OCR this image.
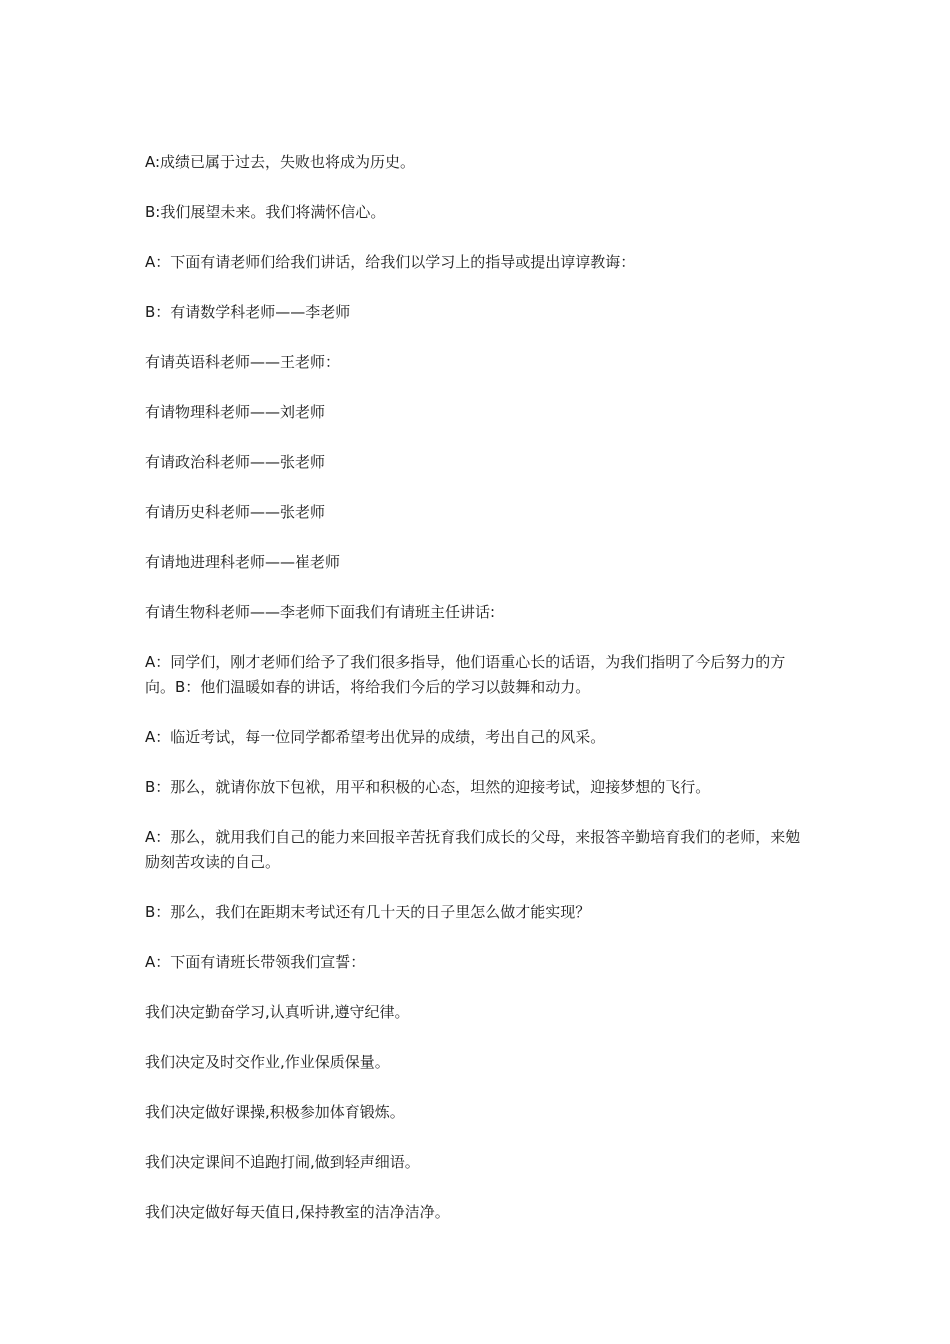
A:成绩已属于过去，失败也将成为历史。

B:我们展望未来。我们将满怀信心。

A：下面有请老师们给我们讲话，给我们以学习上的指导或提出谆谆教诲：

B：有请数学科老师——李老师

有请英语科老师——王老师：

有请物理科老师——刘老师

有请政治科老师——张老师

有请历史科老师——张老师

有请地进理科老师——崔老师

有请生物科老师——李老师下面我们有请班主任讲话:

A：同学们，刚才老师们给予了我们很多指导，他们语重心长的话语，为我们指明了今后努力的方向。B：他们温暖如春的讲话，将给我们今后的学习以鼓舞和动力。

A：临近考试，每一位同学都希望考出优异的成绩，考出自己的风采。

B：那么，就请你放下包袱，用平和积极的心态，坦然的迎接考试，迎接梦想的飞行。

A：那么，就用我们自己的能力来回报辛苦抚育我们成长的父母，来报答辛勤培育我们的老师，来勉励刻苦攻读的自己。

B：那么，我们在距期末考试还有几十天的日子里怎么做才能实现？

A：下面有请班长带领我们宣誓：

我们决定勤奋学习,认真听讲,遵守纪律。

我们决定及时交作业,作业保质保量。

我们决定做好课操,积极参加体育锻炼。

我们决定课间不追跑打闹,做到轻声细语。

我们决定做好每天值日,保持教室的洁净洁净。
